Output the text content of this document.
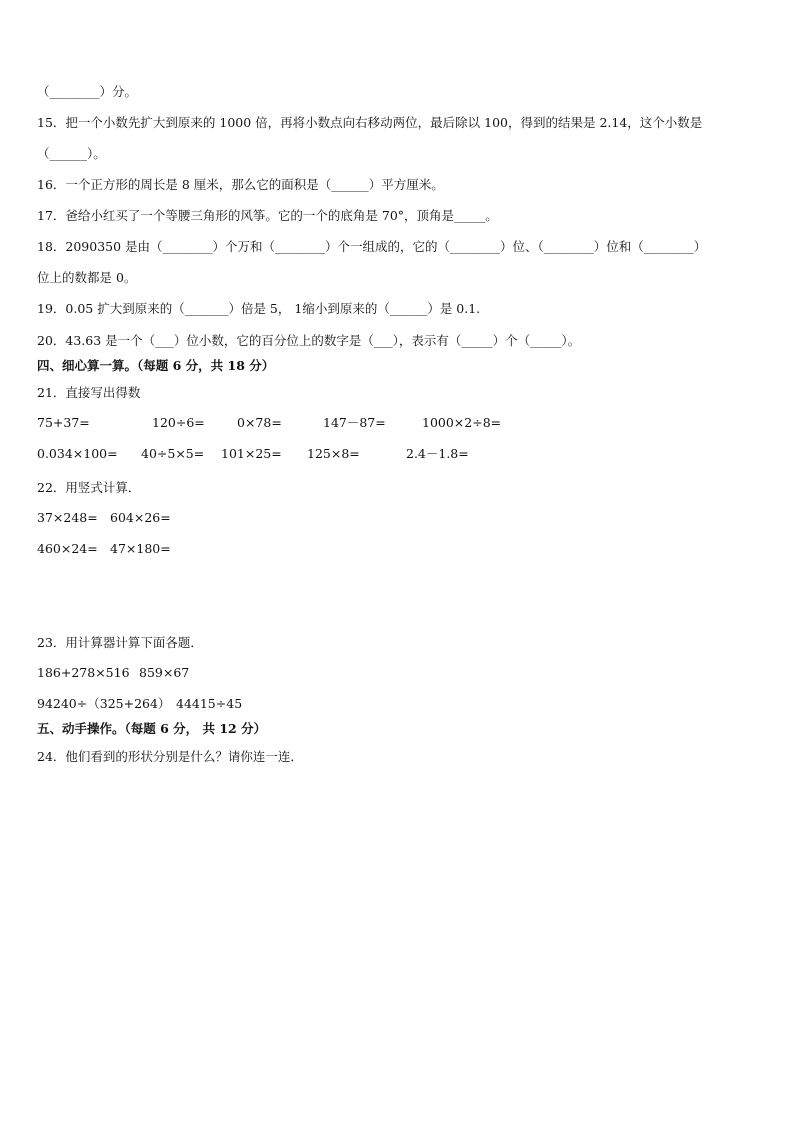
（________）分。
15．把一个小数先扩大到原来的 1000 倍，再将小数点向右移动两位，最后除以 100，得到的结果是 2.14，这个小数是
（______）。
16．一个正方形的周长是 8 厘米，那么它的面积是（______）平方厘米。
17．爸给小红买了一个等腰三角形的风筝。它的一个的底角是 70°，顶角是_____。
18．2090350 是由（________）个万和（________）个一组成的，它的（________）位、（________）位和（________）
位上的数都是 0。
19．0.05 扩大到原来的（_______）倍是 5， 1缩小到原来的（______）是 0.1.
20．43.63 是一个（___）位小数，它的百分位上的数字是（___），表示有（_____）个（_____）。
四、细心算一算。（每题 6 分，共 18 分）
21．直接写出得数
75+37=	120÷6=	0×78=	147－87=	1000×2÷8=
0.034×100= 40÷5×5= 101×25= 125×8=	2.4－1.8=
22．用竖式计算．
37×248= 604×26=
460×24= 47×180=
23．用计算器计算下面各题．
186+278×516 859×67
94240÷（325+264） 44415÷45
五、动手操作。（每题 6 分， 共 12 分）
24．他们看到的形状分别是什么？请你连一连．
